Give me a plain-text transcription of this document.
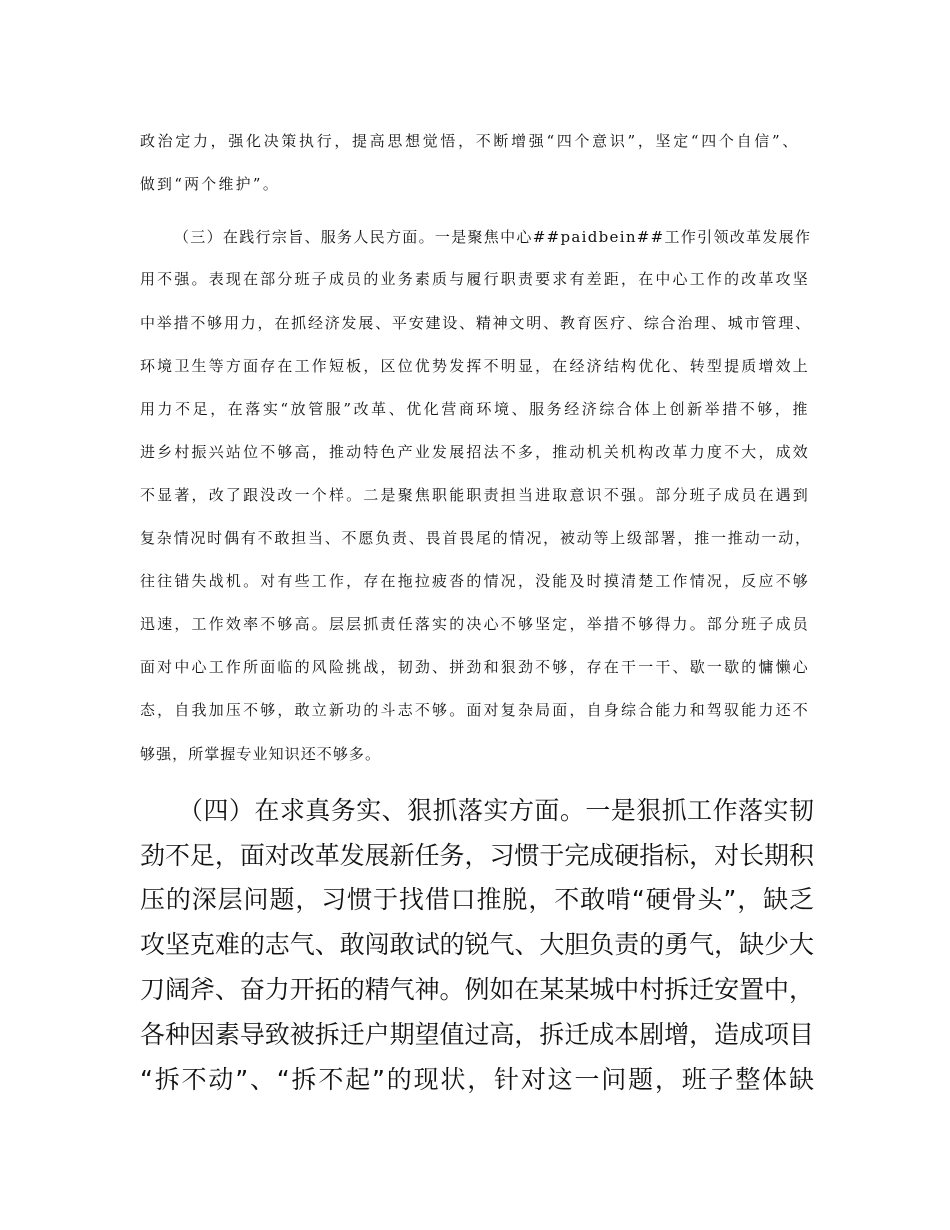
政治定力，强化决策执行，提高思想觉悟，不断增强“四个意识”，坚定“四个自信”、

做到“两个维护”。

（三）在践行宗旨、服务人民方面。一是聚焦中心##paidbein##工作引领改革发展作

用不强。表现在部分班子成员的业务素质与履行职责要求有差距，在中心工作的改革攻坚

中举措不够用力，在抓经济发展、平安建设、精神文明、教育医疗、综合治理、城市管理、

环境卫生等方面存在工作短板，区位优势发挥不明显，在经济结构优化、转型提质增效上

用力不足，在落实“放管服”改革、优化营商环境、服务经济综合体上创新举措不够，推

进乡村振兴站位不够高，推动特色产业发展招法不多，推动机关机构改革力度不大，成效

不显著，改了跟没改一个样。二是聚焦职能职责担当进取意识不强。部分班子成员在遇到

复杂情况时偶有不敢担当、不愿负责、畏首畏尾的情况，被动等上级部署，推一推动一动，

往往错失战机。对有些工作，存在拖拉疲沓的情况，没能及时摸清楚工作情况，反应不够

迅速，工作效率不够高。层层抓责任落实的决心不够坚定，举措不够得力。部分班子成员

面对中心工作所面临的风险挑战，韧劲、拼劲和狠劲不够，存在干一干、歇一歇的慵懒心

态，自我加压不够，敢立新功的斗志不够。面对复杂局面，自身综合能力和驾驭能力还不

够强，所掌握专业知识还不够多。

（四）在求真务实、狠抓落实方面。一是狠抓工作落实韧

劲不足，面对改革发展新任务，习惯于完成硬指标，对长期积

压的深层问题，习惯于找借口推脱，不敢啃“硬骨头”，缺乏

攻坚克难的志气、敢闯敢试的锐气、大胆负责的勇气，缺少大

刀阔斧、奋力开拓的精气神。例如在某某城中村拆迁安置中，

各种因素导致被拆迁户期望值过高，拆迁成本剧增，造成项目

“拆不动”、“拆不起”的现状，针对这一问题，班子整体缺
